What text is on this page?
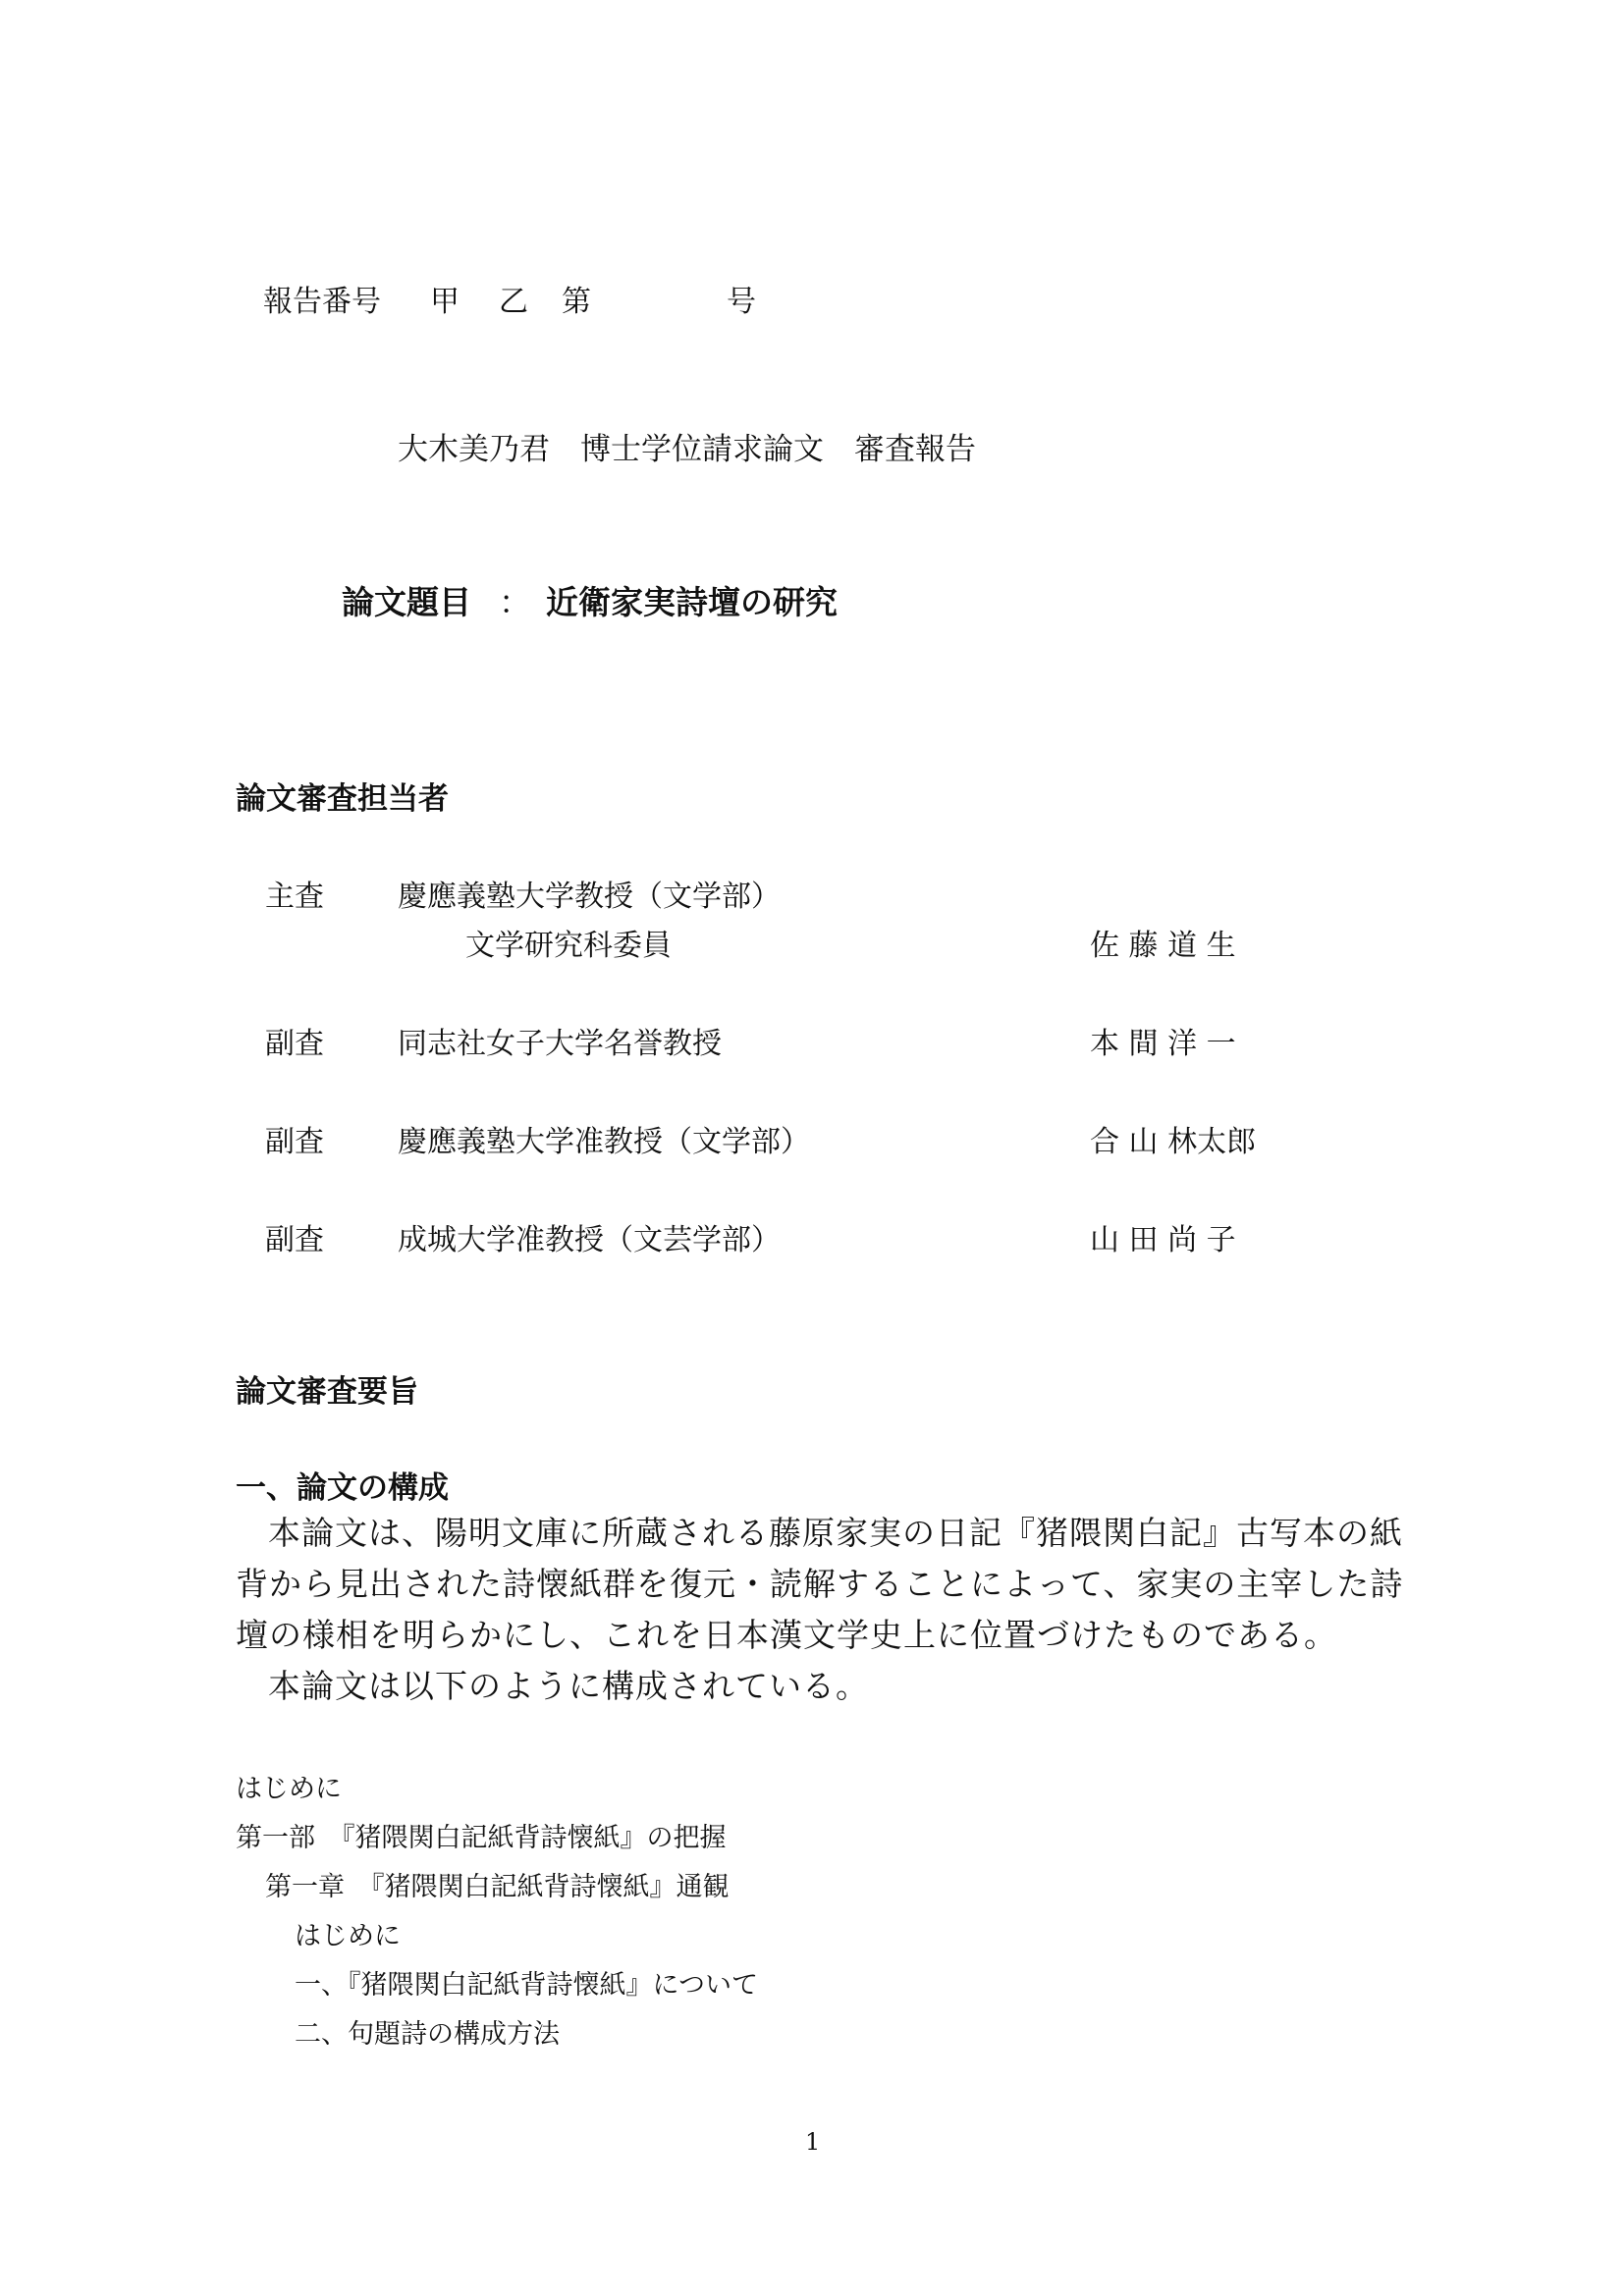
報告番号 甲 乙 第	号
大木美乃君　博士学位請求論文　審査報告
論文題目 ： 近衛家実詩壇の研究
論文審査担当者
主査	慶應義塾大学教授（文学部）
文学研究科委員	佐 藤 道 生
副査	同志社女子大学名誉教授	本 間 洋 一
副査	慶應義塾大学准教授（文学部）	合 山 林太郎
副査	成城大学准教授（文芸学部）	山 田 尚 子
論文審査要旨
一、論文の構成
本論文は、陽明文庫に所蔵される藤原家実の日記『猪隈関白記』古写本の紙背から見出された詩懐紙群を復元・読解することによって、家実の主宰した詩壇の様相を明らかにし、これを日本漢文学史上に位置づけたものである。
本論文は以下のように構成されている。
はじめに
第一部　『猪隈関白記紙背詩懐紙』の把握
第一章　『猪隈関白記紙背詩懐紙』通観
はじめに
一、『猪隈関白記紙背詩懐紙』について
二、句題詩の構成方法
1
